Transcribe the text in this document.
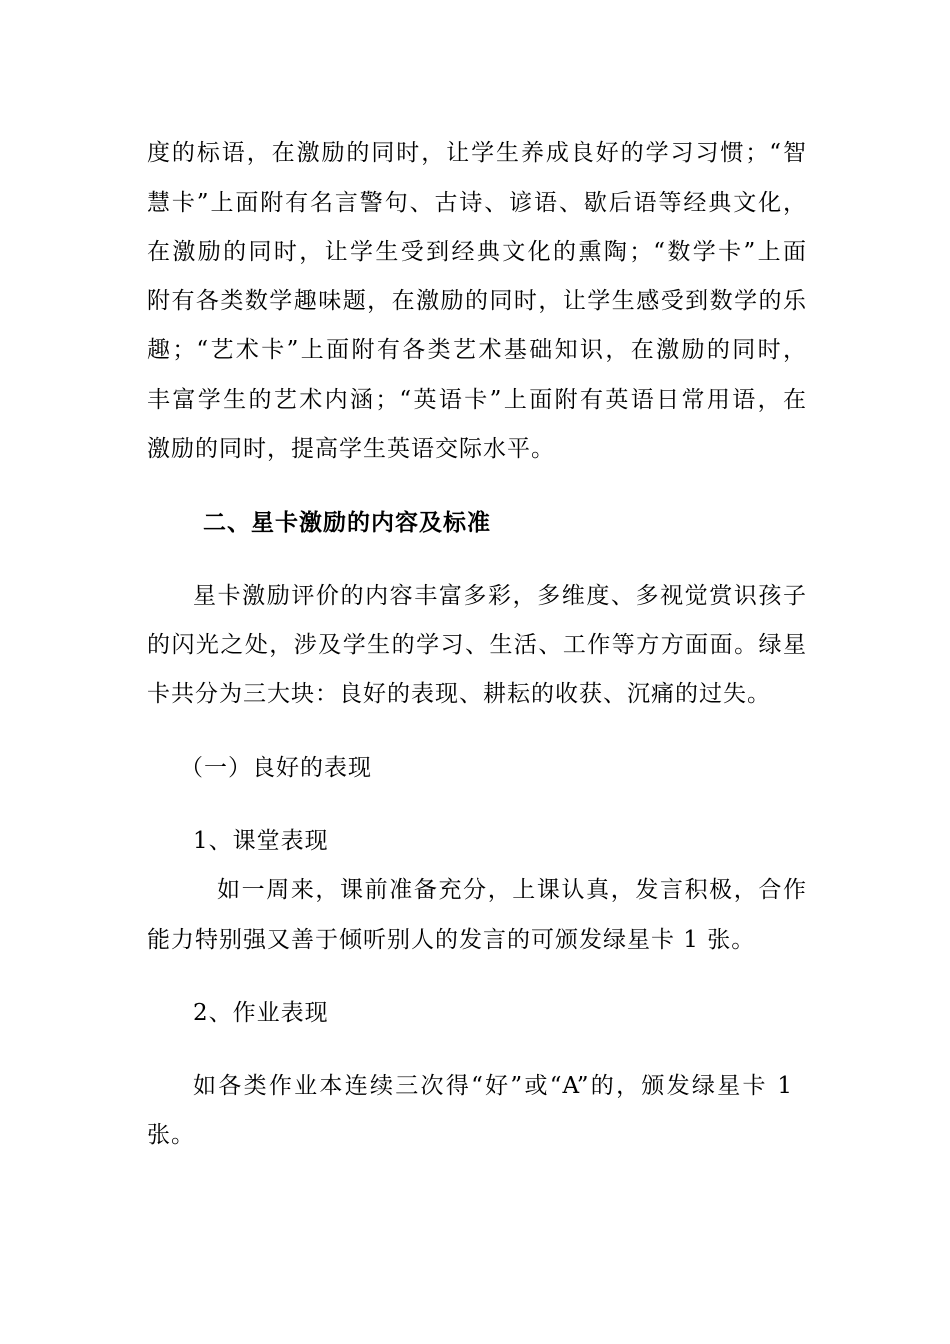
度的标语，在激励的同时，让学生养成良好的学习习惯；“智
慧卡”上面附有名言警句、古诗、谚语、歇后语等经典文化，
在激励的同时，让学生受到经典文化的熏陶；“数学卡”上面
附有各类数学趣味题，在激励的同时，让学生感受到数学的乐
趣；“艺术卡”上面附有各类艺术基础知识，在激励的同时，
丰富学生的艺术内涵；“英语卡”上面附有英语日常用语，在
激励的同时，提高学生英语交际水平。
二、星卡激励的内容及标准
星卡激励评价的内容丰富多彩，多维度、多视觉赏识孩子
的闪光之处，涉及学生的学习、生活、工作等方方面面。绿星
卡共分为三大块：良好的表现、耕耘的收获、沉痛的过失。
（一）良好的表现
1、课堂表现
如一周来，课前准备充分，上课认真，发言积极，合作
能力特别强又善于倾听别人的发言的可颁发绿星卡 1 张。
2、作业表现
如各类作业本连续三次得“好”或“A”的，颁发绿星卡 1
张。
